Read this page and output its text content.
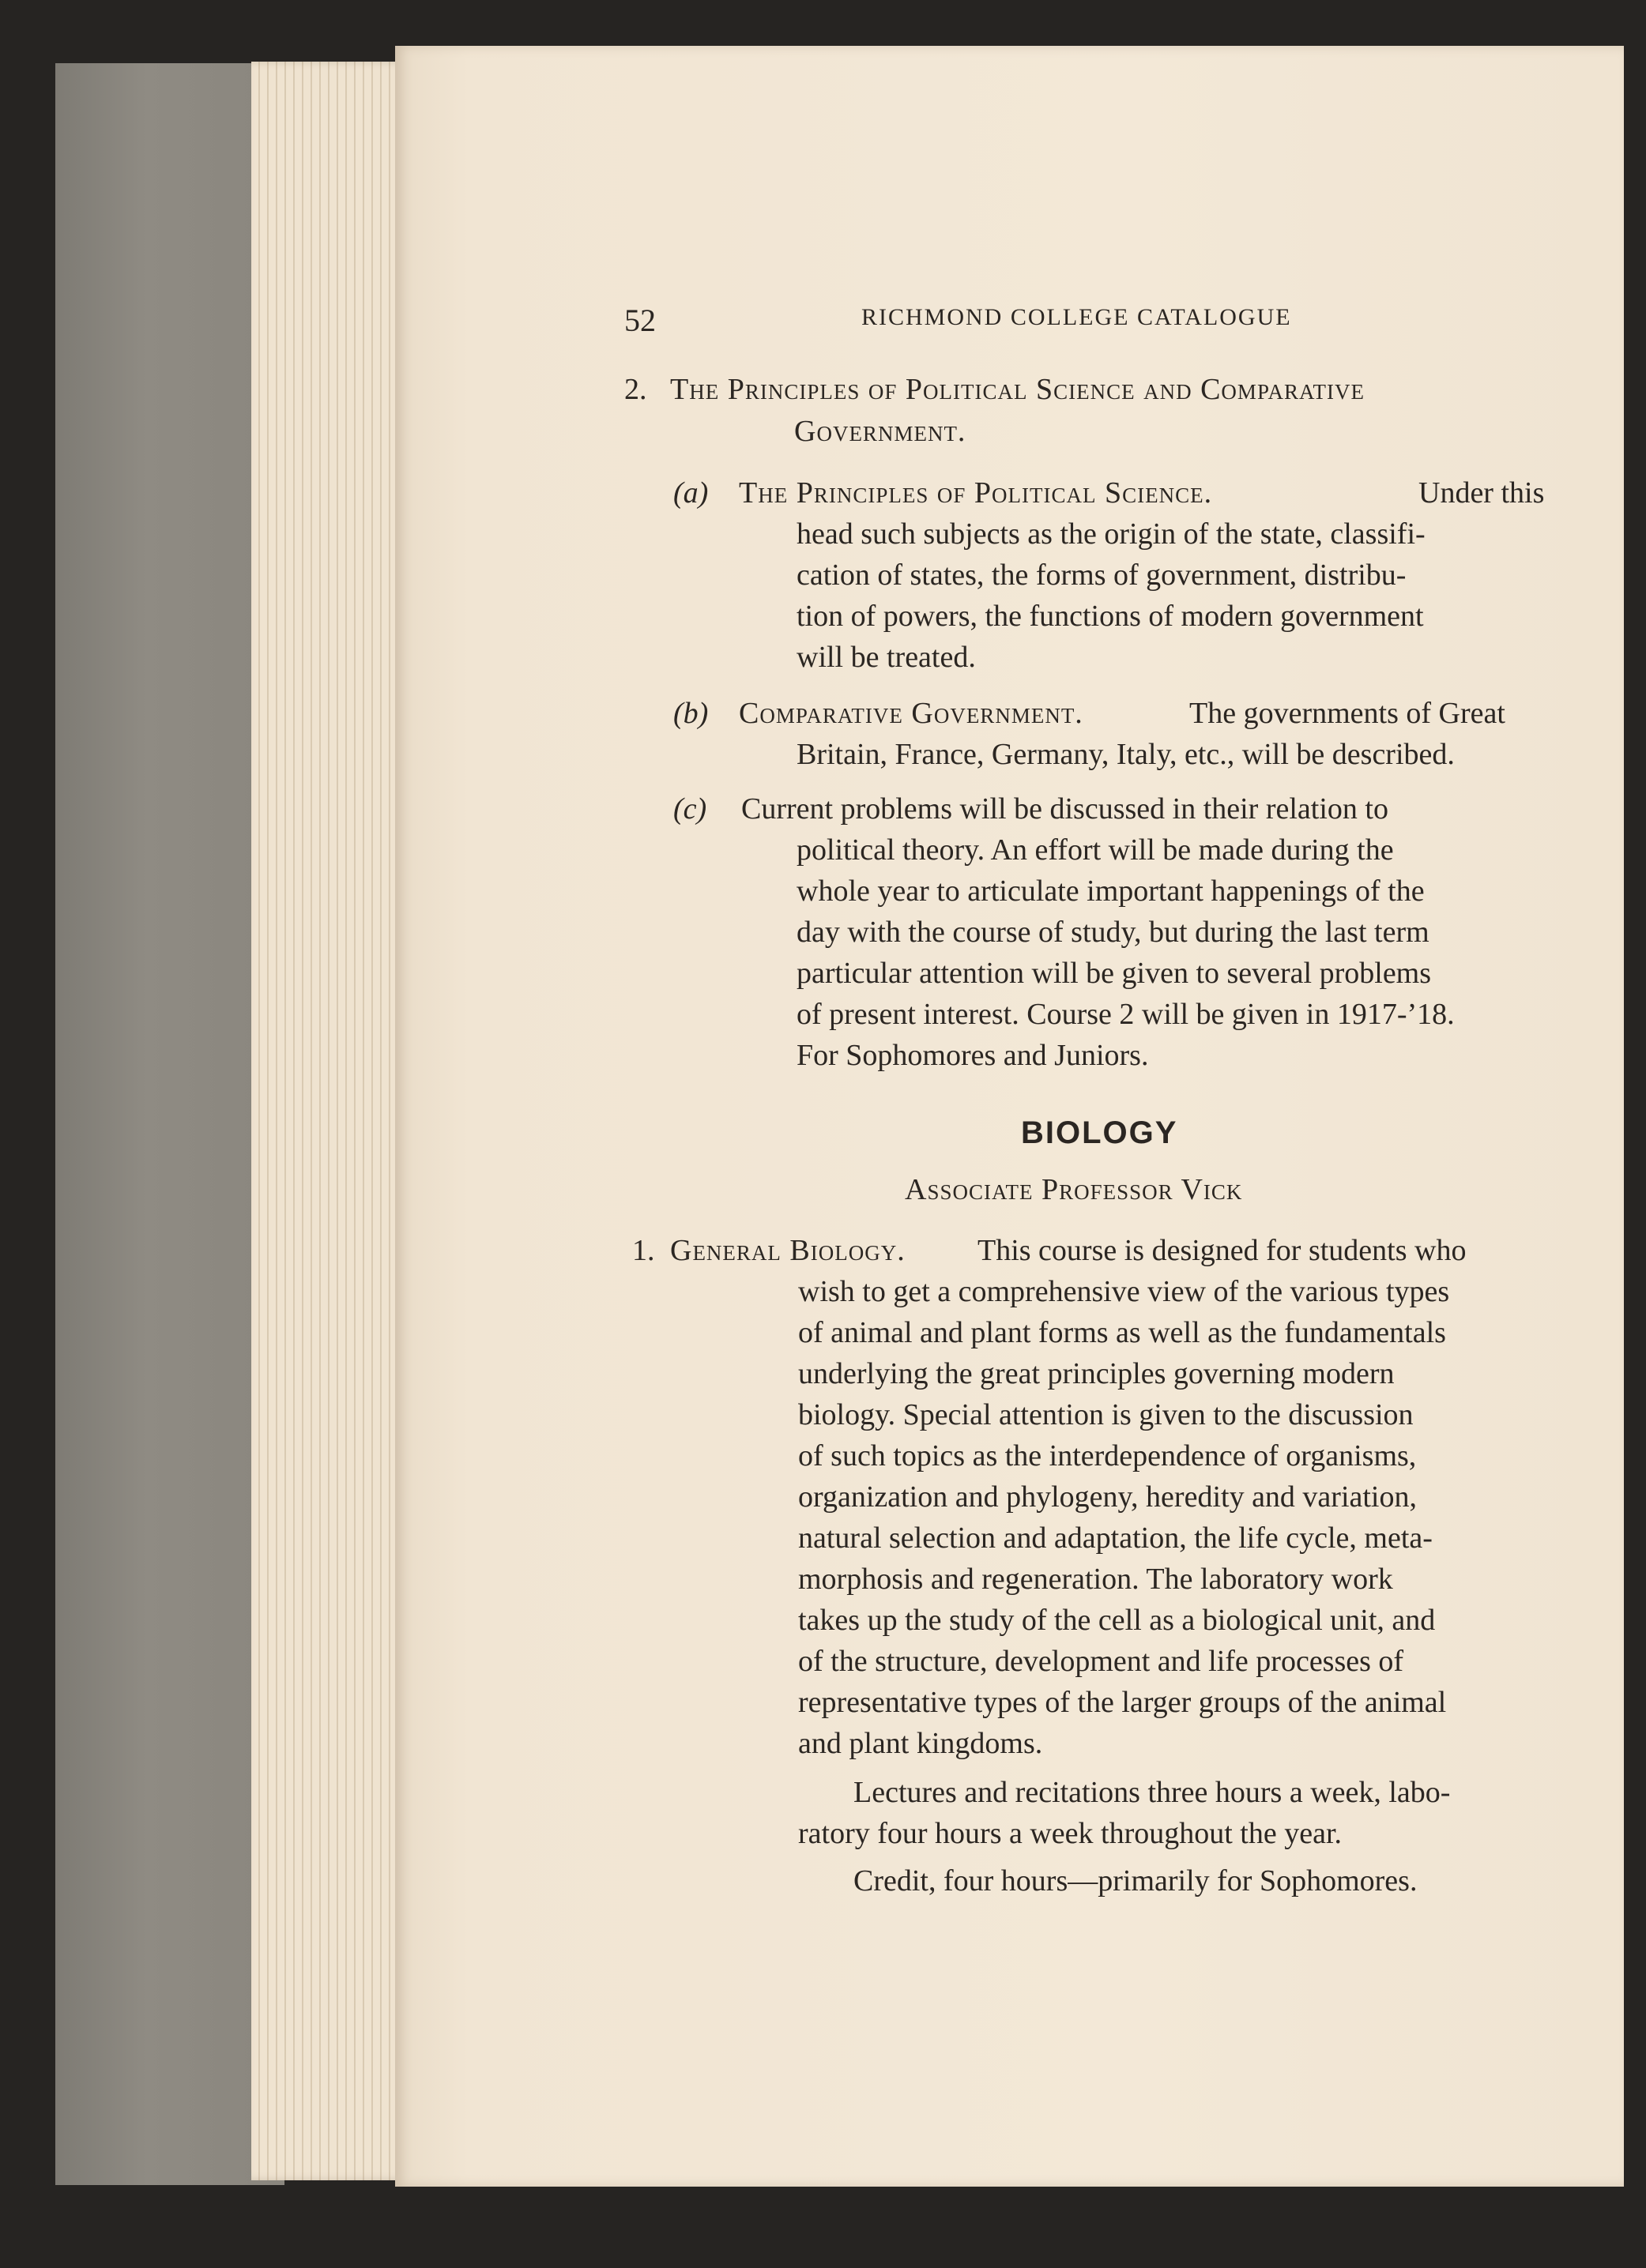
52	RICHMOND COLLEGE CATALOGUE
2. The Principles of Political Science and Comparative
Government.
(a) The Principles of Political Science.	Under this
head such subjects as the origin of the state, classifi-
cation of states, the forms of government, distribu-
tion of powers, the functions of modern government
will be treated.
(b) Comparative Government.	The governments of Great
Britain, France, Germany, Italy, etc., will be described.
(c) Current problems will be discussed in their relation to
political theory. An effort will be made during the
whole year to articulate important happenings of the
day with the course of study, but during the last term
particular attention will be given to several problems
of present interest. Course 2 will be given in 1917-’18.
For Sophomores and Juniors.
BIOLOGY
Associate Professor Vick
1. General Biology. This course is designed for students who
wish to get a comprehensive view of the various types
of animal and plant forms as well as the fundamentals
underlying the great principles governing modern
biology. Special attention is given to the discussion
of such topics as the interdependence of organisms,
organization and phylogeny, heredity and variation,
natural selection and adaptation, the life cycle, meta-
morphosis and regeneration. The laboratory work
takes up the study of the cell as a biological unit, and
of the structure, development and life processes of
representative types of the larger groups of the animal
and plant kingdoms.
Lectures and recitations three hours a week, labo-
ratory four hours a week throughout the year.
Credit, four hours—primarily for Sophomores.
